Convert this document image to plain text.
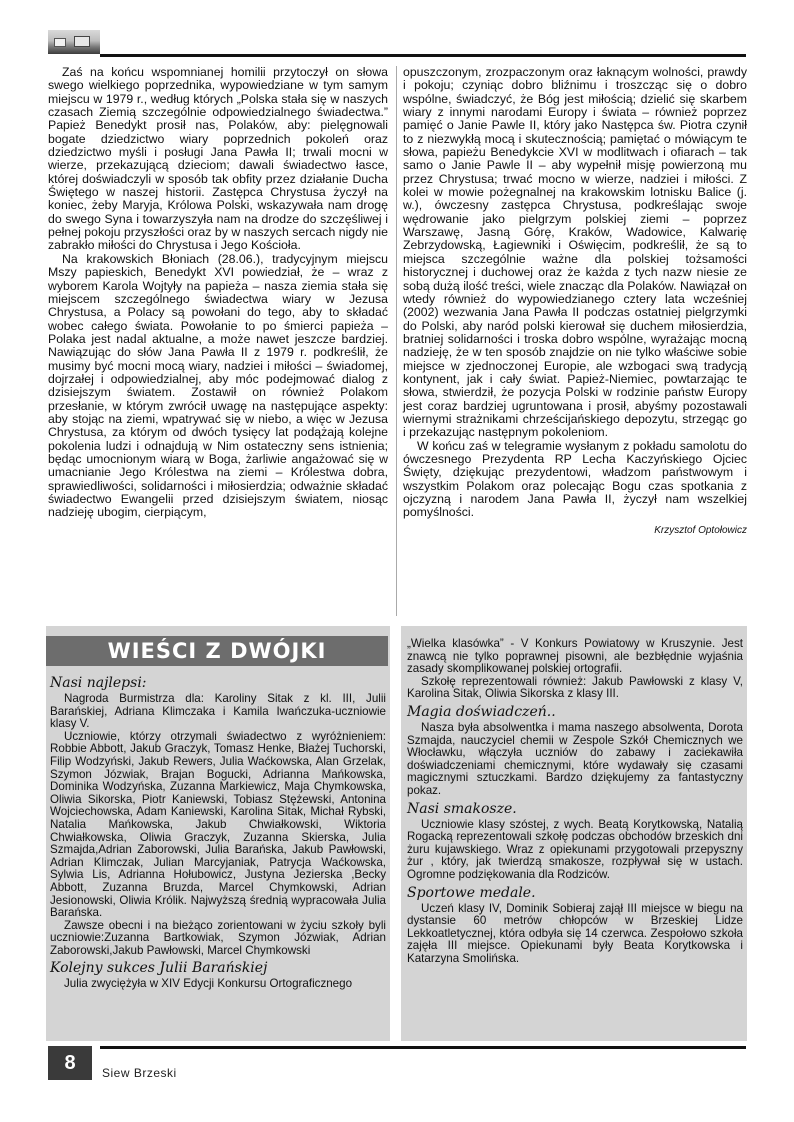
Zaś na końcu wspomnianej homilii przytoczył on słowa swego wielkiego poprzednika, wypowiedziane w tym samym miejscu w 1979 r., według których „Polska stała się w naszych czasach Ziemią szczególnie odpowiedzialnego świadectwa.” Papież Benedykt prosił nas, Polaków, aby: pielęgnowali bogate dziedzictwo wiary poprzednich pokoleń oraz dziedzictwo myśli i posługi Jana Pawła II; trwali mocni w wierze, przekazującą dzieciom; dawali świadectwo łasce, której doświadczyli w sposób tak obfity przez działanie Ducha Świętego w naszej historii. Zastępca Chrystusa życzył na koniec, żeby Maryja, Królowa Polski, wskazywała nam drogę do swego Syna i towarzyszyła nam na drodze do szczęśliwej i pełnej pokoju przyszłości oraz by w naszych sercach nigdy nie zabrakło miłości do Chrystusa i Jego Kościoła.

Na krakowskich Błoniach (28.06.), tradycyjnym miejscu Mszy papieskich, Benedykt XVI powiedział, że – wraz z wyborem Karola Wojtyły na papieża – nasza ziemia stała się miejscem szczególnego świadectwa wiary w Jezusa Chrystusa, a Polacy są powołani do tego, aby to składać wobec całego świata. Powołanie to po śmierci papieża – Polaka jest nadal aktualne, a może nawet jeszcze bardziej. Nawiązując do słów Jana Pawła II z 1979 r. podkreślił, że musimy być mocni mocą wiary, nadziei i miłości – świadomej, dojrzałej i odpowiedzialnej, aby móc podejmować dialog z dzisiejszym światem. Zostawił on również Polakom przesłanie, w którym zwrócił uwagę na następujące aspekty: aby stojąc na ziemi, wpatrywać się w niebo, a więc w Jezusa Chrystusa, za którym od dwóch tysięcy lat podążają kolejne pokolenia ludzi i odnajdują w Nim ostateczny sens istnienia; będąc umocnionym wiarą w Boga, żarliwie angażować się w umacnianie Jego Królestwa na ziemi – Królestwa dobra, sprawiedliwości, solidarności i miłosierdzia; odważnie składać świadectwo Ewangelii przed dzisiejszym światem, niosąc nadzieję ubogim, cierpiącym,

opuszczonym, zrozpaczonym oraz łaknącym wolności, prawdy i pokoju; czyniąc dobro bliźnimu i troszcząc się o dobro wspólne, świadczyć, że Bóg jest miłością; dzielić się skarbem wiary z innymi narodami Europy i świata – również poprzez pamięć o Janie Pawle II, który jako Następca św. Piotra czynił to z niezwykłą mocą i skutecznością; pamiętać o mówiącym te słowa, papieżu Benedykcie XVI w modlitwach i ofiarach – tak samo o Janie Pawle II – aby wypełnił misję powierzoną mu przez Chrystusa; trwać mocno w wierze, nadziei i miłości. Z kolei w mowie pożegnalnej na krakowskim lotnisku Balice (j. w.), ówczesny zastępca Chrystusa, podkreślając swoje wędrowanie jako pielgrzym polskiej ziemi – poprzez Warszawę, Jasną Górę, Kraków, Wadowice, Kalwarię Zebrzydowską, Łagiewniki i Oświęcim, podkreślił, że są to miejsca szczególnie ważne dla polskiej tożsamości historycznej i duchowej oraz że każda z tych nazw niesie ze sobą dużą ilość treści, wiele znacząc dla Polaków. Nawiązał on wtedy również do wypowiedzianego cztery lata wcześniej (2002) wezwania Jana Pawła II podczas ostatniej pielgrzymki do Polski, aby naród polski kierował się duchem miłosierdzia, bratniej solidarności i troska dobro wspólne, wyrażając mocną nadzieję, że w ten sposób znajdzie on nie tylko właściwe sobie miejsce w zjednoczonej Europie, ale wzbogaci swą tradycją kontynent, jak i cały świat. Papież-Niemiec, powtarzając te słowa, stwierdził, że pozycja Polski w rodzinie państw Europy jest coraz bardziej ugruntowana i prosił, abyśmy pozostawali wiernymi strażnikami chrześcijańskiego depozytu, strzegąc go i przekazując następnym pokoleniom.

W końcu zaś w telegramie wysłanym z pokładu samolotu do ówczesnego Prezydenta RP Lecha Kaczyńskiego Ojciec Święty, dziękując prezydentowi, władzom państwowym i wszystkim Polakom oraz polecając Bogu czas spotkania z ojczyzną i narodem Jana Pawła II, życzył nam wszelkiej pomyślności.

Krzysztof Optołowicz
WIEŚCI Z DWÓJKI
Nasi najlepsi:

Nagroda Burmistrza dla: Karoliny Sitak z kl. III, Julii Barańskiej, Adriana Klimczaka i Kamila Iwańczuka-uczniowie klasy V.

Uczniowie, którzy otrzymali świadectwo z wyróżnieniem: Robbie Abbott, Jakub Graczyk, Tomasz Henke, Błażej Tuchorski, Filip Wodzyński, Jakub Rewers, Julia Waćkowska, Alan Grzelak, Szymon Józwiak, Brajan Bogucki, Adrianna Mańkowska, Dominika Wodzyńska, Zuzanna Markiewicz, Maja Chymkowska, Oliwia Sikorska, Piotr Kaniewski, Tobiasz Stężewski, Antonina Wojciechowska, Adam Kaniewski, Karolina Sitak, Michał Rybski, Natalia Mańkowska, Jakub Chwiałkowski, Wiktoria Chwiałkowska, Oliwia Graczyk, Zuzanna Skierska, Julia Szmajda,Adrian Zaborowski, Julia Barańska, Jakub Pawłowski, Adrian Klimczak, Julian Marcyjaniak, Patrycja Waćkowska, Sylwia Lis, Adrianna Hołubowicz, Justyna Jezierska ,Becky Abbott, Zuzanna Bruzda, Marcel Chymkowski, Adrian Jesionowski, Oliwia Królik. Najwyższą średnią wypracowała Julia Barańska.

Zawsze obecni i na bieżąco zorientowani w życiu szkoły byli uczniowie:Zuzanna Bartkowiak, Szymon Józwiak, Adrian Zaborowski,Jakub Pawłowski, Marcel Chymkowski

Kolejny sukces Julii Barańskiej

Julia zwyciężyła w XIV Edycji Konkursu Ortograficznego

„Wielka klasówka” - V Konkurs Powiatowy w Kruszynie. Jest znawcą nie tylko poprawnej pisowni, ale bezbłędnie wyjaśnia zasady skomplikowanej polskiej ortografii.

Szkołę reprezentowali również: Jakub Pawłowski z klasy V, Karolina Sitak, Oliwia Sikorska z klasy III.

Magia doświadczeń..

Nasza była absolwentka i mama naszego absolwenta, Dorota Szmajda, nauczyciel chemii w Zespole Szkół Chemicznych we Włocławku, włączyła uczniów do zabawy i zaciekawiła doświadczeniami chemicznymi, które wydawały się czasami magicznymi sztuczkami. Bardzo dziękujemy za fantastyczny pokaz.

Nasi smakosze.

Uczniowie klasy szóstej, z wych. Beatą Korytkowską, Natalią Rogacką reprezentowali szkołę podczas obchodów brzeskich dni żuru kujawskiego. Wraz z opiekunami przygotowali przepyszny żur , który, jak twierdzą smakosze, rozpływał się w ustach. Ogromne podziękowania dla Rodziców.

Sportowe medale.

Uczeń klasy IV, Dominik Sobieraj zajął III miejsce w biegu na dystansie 60 metrów chłopców w Brzeskiej Lidze Lekkoatletycznej, która odbyła się 14 czerwca. Zespołowo szkoła zajęła III miejsce. Opiekunami były Beata Korytkowska i Katarzyna Smolińska.

8	Siew Brzeski
